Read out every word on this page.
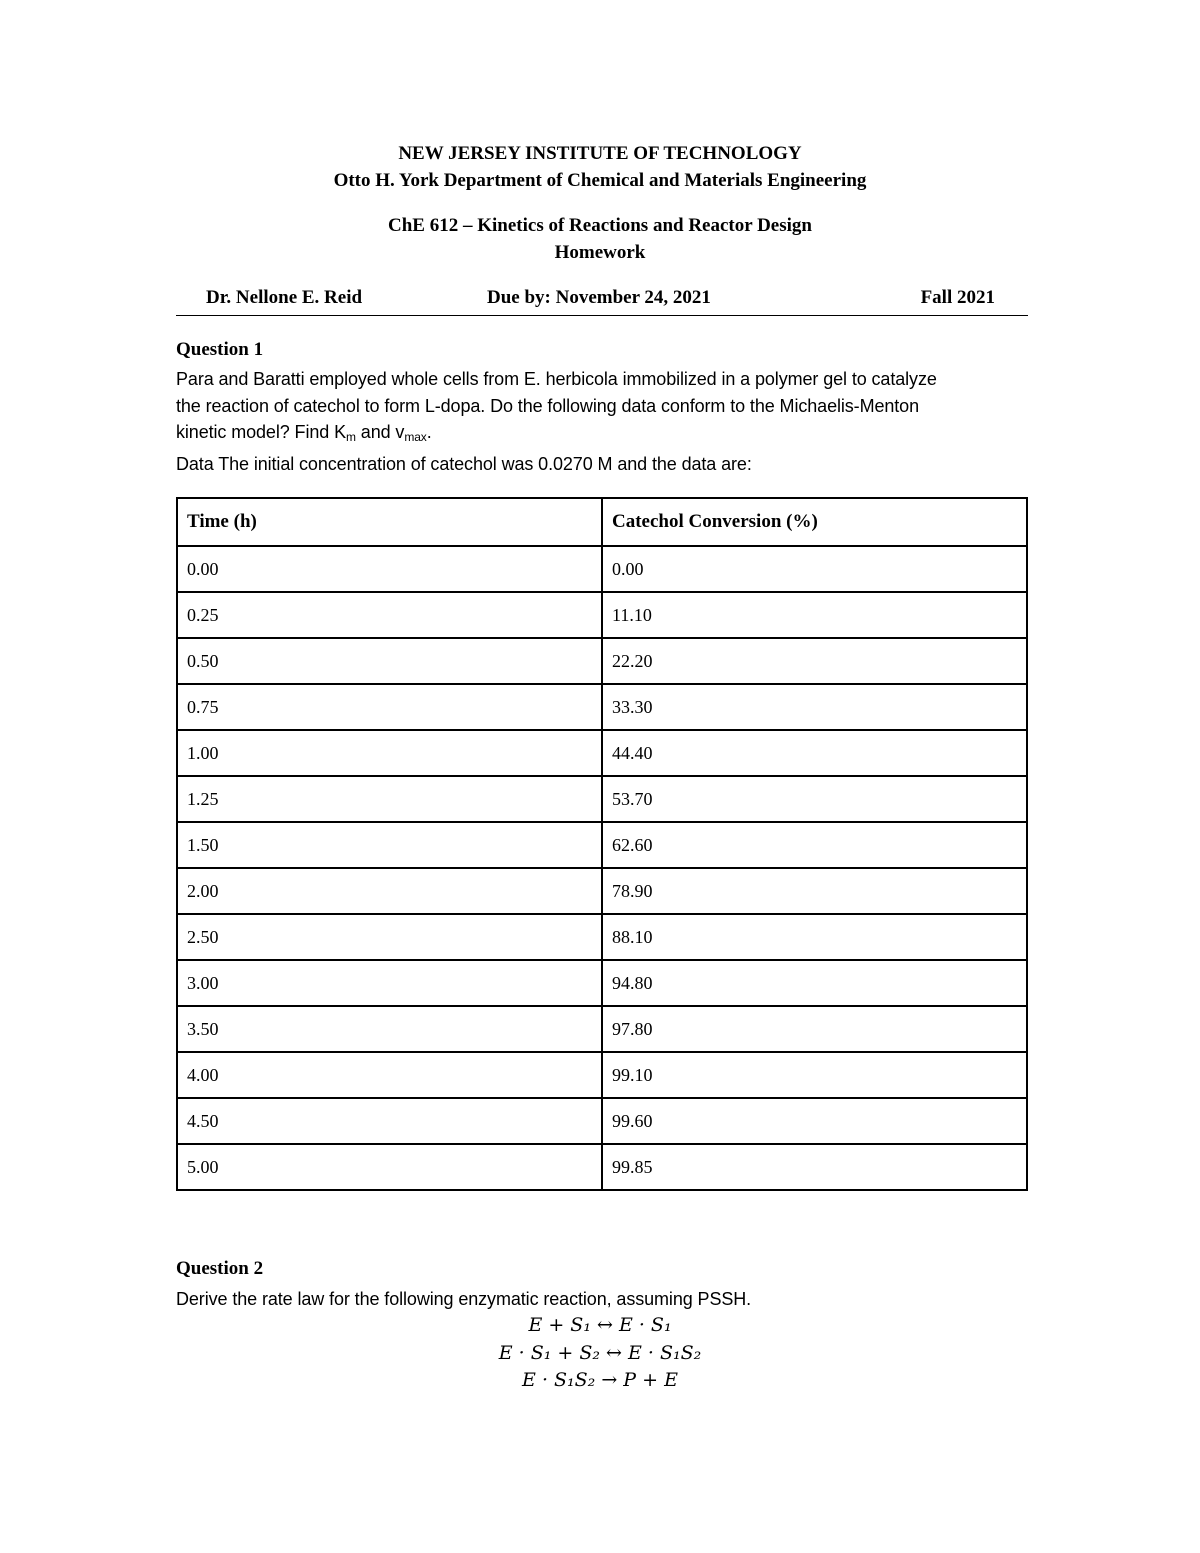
NEW JERSEY INSTITUTE OF TECHNOLOGY
Otto H. York Department of Chemical and Materials Engineering
ChE 612 – Kinetics of Reactions and Reactor Design
Homework
Dr. Nellone E. Reid	Due by: November 24, 2021	Fall 2021
Question 1
Para and Baratti employed whole cells from E. herbicola immobilized in a polymer gel to catalyze
the reaction of catechol to form L-dopa. Do the following data conform to the Michaelis-Menton
kinetic model? Find $K_m$ and $v_{max}$.
Data The initial concentration of catechol was 0.0270 M and the data are:
Time (h)	Catechol Conversion (%)
0.00	0.00
0.25	11.10
0.50	22.20
0.75	33.30
1.00	44.40
1.25	53.70
1.50	62.60
2.00	78.90
2.50	88.10
3.00	94.80
3.50	97.80
4.00	99.10
4.50	99.60
5.00	99.85
Question 2
Derive the rate law for the following enzymatic reaction, assuming PSSH.
E + S₁ ↔ E · S₁
E · S₁ + S₂ ↔ E · S₁S₂
E · S₁S₂ → P + E
